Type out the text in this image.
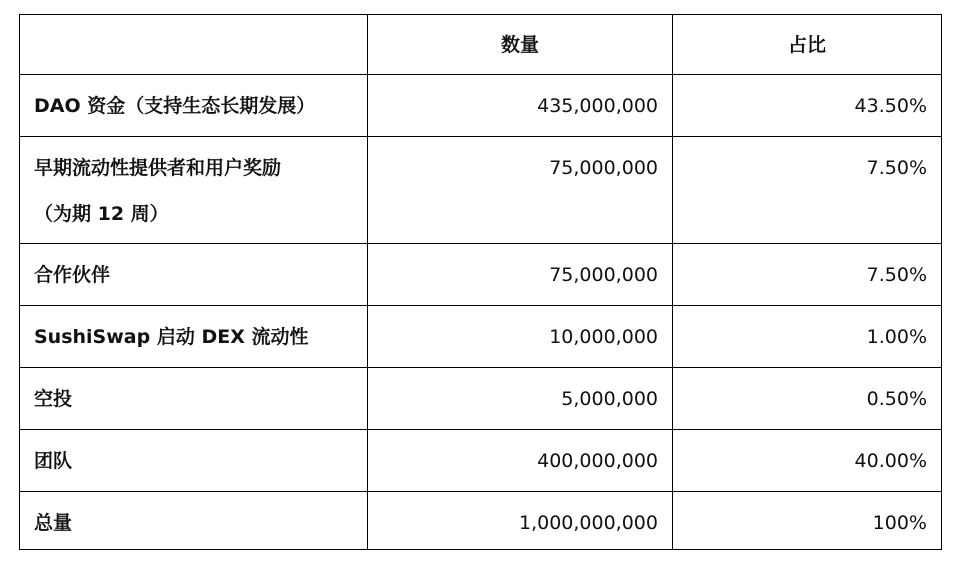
	数量	占比

DAO 资金（支持生态长期发展）	435,000,000	43.50%

早期流动性提供者和用户奖励
（为期 12 周）	75,000,000	7.50%

合作伙伴	75,000,000	7.50%

SushiSwap 启动 DEX 流动性	10,000,000	1.00%

空投	5,000,000	0.50%

团队	400,000,000	40.00%

总量	1,000,000,000	100%
